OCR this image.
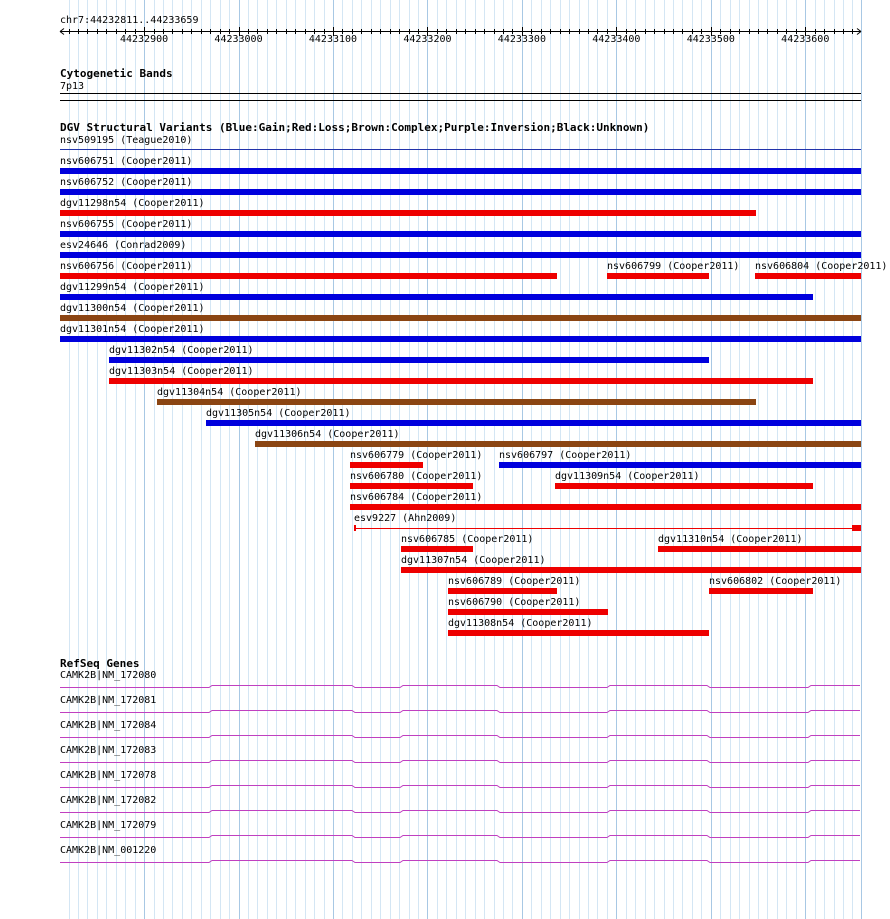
chr7:44232811..44233659
44232900	44233000	44233100	44233200	44233300	44233400	44233500	44233600
Cytogenetic Bands
7p13
DGV Structural Variants (Blue:Gain;Red:Loss;Brown:Complex;Purple:Inversion;Black:Unknown)
nsv509195 (Teague2010)
nsv606751 (Cooper2011)
nsv606752 (Cooper2011)
dgv11298n54 (Cooper2011)
nsv606755 (Cooper2011)
esv24646 (Conrad2009)
nsv606756 (Cooper2011)	nsv606799 (Cooper2011) nsv606804 (Cooper2011)
dgv11299n54 (Cooper2011)
dgv11300n54 (Cooper2011)
dgv11301n54 (Cooper2011)
dgv11302n54 (Cooper2011)
dgv11303n54 (Cooper2011)
dgv11304n54 (Cooper2011)
dgv11305n54 (Cooper2011)
dgv11306n54 (Cooper2011)
nsv606779 (Cooper2011) nsv606797 (Cooper2011)
nsv606780 (Cooper2011)	dgv11309n54 (Cooper2011)
nsv606784 (Cooper2011)
esv9227 (Ahn2009)
nsv606785 (Cooper2011)	dgv11310n54 (Cooper2011)
dgv11307n54 (Cooper2011)
nsv606789 (Cooper2011)	nsv606802 (Cooper2011)
nsv606790 (Cooper2011)
dgv11308n54 (Cooper2011)
RefSeq Genes
CAMK2B|NM_172080
CAMK2B|NM_172081
CAMK2B|NM_172084
CAMK2B|NM_172083
CAMK2B|NM_172078
CAMK2B|NM_172082
CAMK2B|NM_172079
CAMK2B|NM_001220
